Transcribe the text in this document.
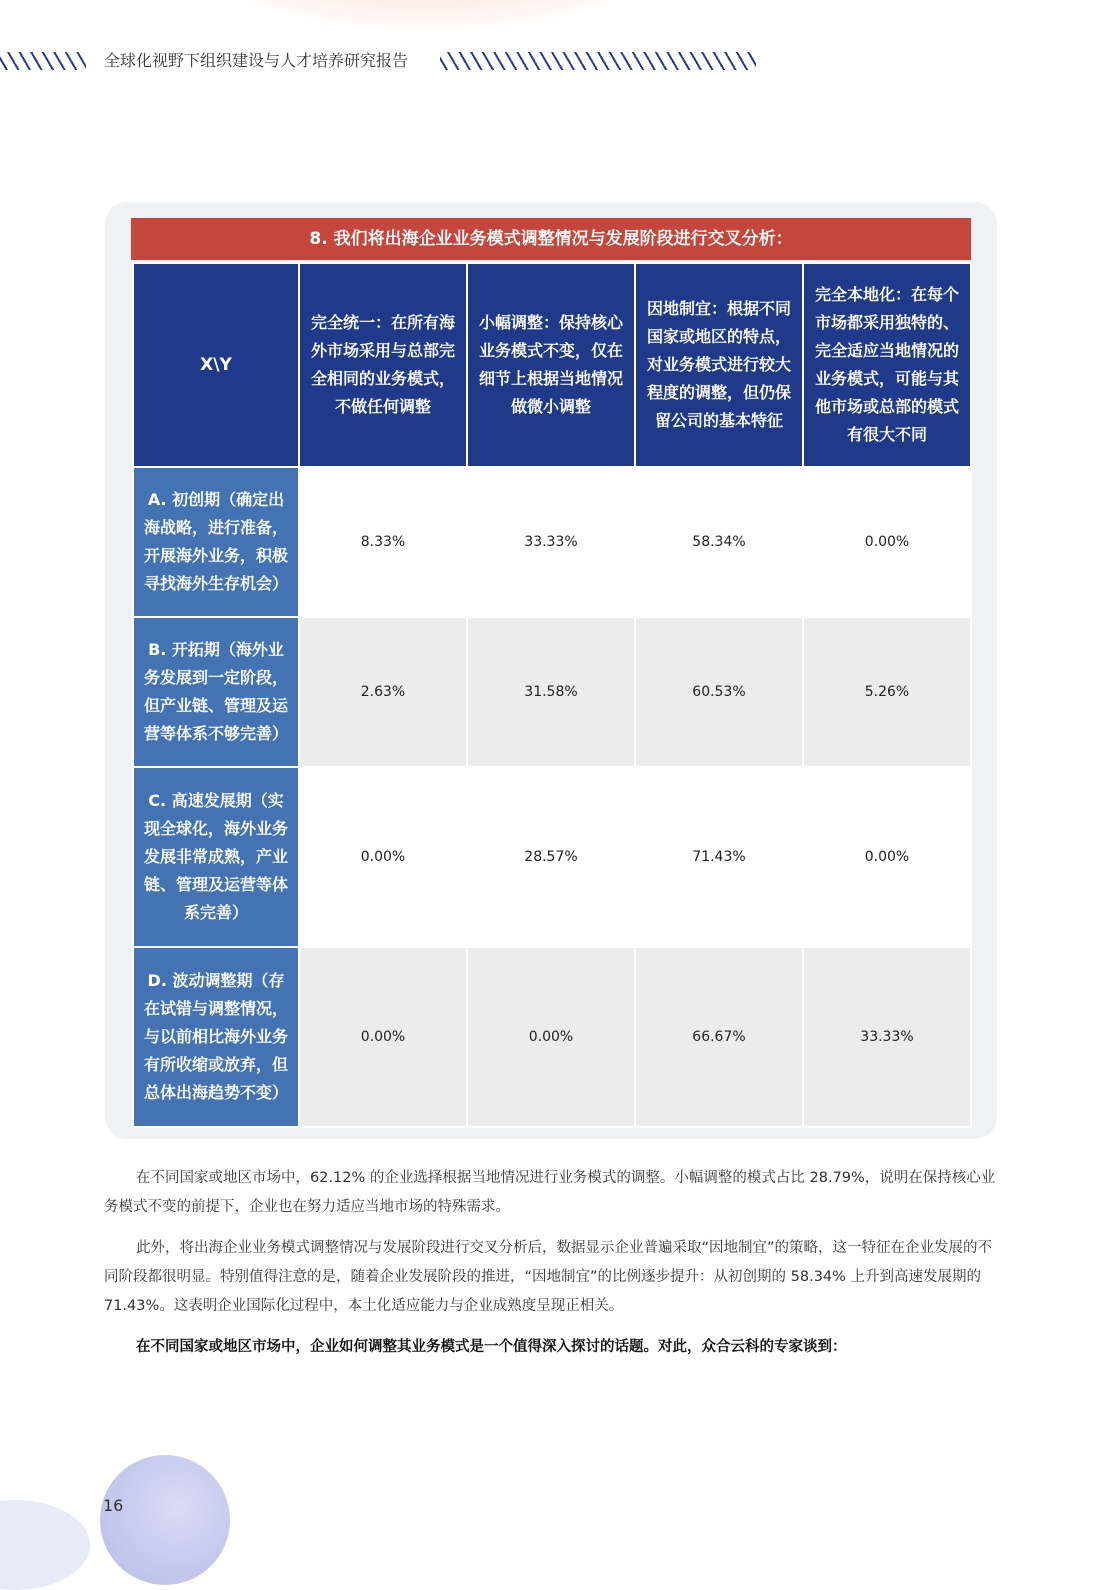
全球化视野下组织建设与人才培养研究报告
8. 我们将出海企业业务模式调整情况与发展阶段进行交叉分析：
X\Y	完全统一：在所有海外市场采用与总部完全相同的业务模式，不做任何调整	小幅调整：保持核心业务模式不变，仅在细节上根据当地情况做微小调整	因地制宜：根据不同国家或地区的特点，对业务模式进行较大程度的调整，但仍保留公司的基本特征	完全本地化：在每个市场都采用独特的、完全适应当地情况的业务模式，可能与其他市场或总部的模式有很大不同
A. 初创期（确定出海战略，进行准备，开展海外业务，积极寻找海外生存机会）	8.33%	33.33%	58.34%	0.00%
B. 开拓期（海外业务发展到一定阶段，但产业链、管理及运营等体系不够完善）	2.63%	31.58%	60.53%	5.26%
C. 高速发展期（实现全球化，海外业务发展非常成熟，产业链、管理及运营等体系完善）	0.00%	28.57%	71.43%	0.00%
D. 波动调整期（存在试错与调整情况，与以前相比海外业务有所收缩或放弃，但总体出海趋势不变）	0.00%	0.00%	66.67%	33.33%

在不同国家或地区市场中，62.12% 的企业选择根据当地情况进行业务模式的调整。小幅调整的模式占比 28.79%，说明在保持核心业务模式不变的前提下，企业也在努力适应当地市场的特殊需求。

此外，将出海企业业务模式调整情况与发展阶段进行交叉分析后，数据显示企业普遍采取“因地制宜”的策略，这一特征在企业发展的不同阶段都很明显。特别值得注意的是，随着企业发展阶段的推进，“因地制宜”的比例逐步提升：从初创期的 58.34% 上升到高速发展期的 71.43%。这表明企业国际化过程中，本土化适应能力与企业成熟度呈现正相关。

在不同国家或地区市场中，企业如何调整其业务模式是一个值得深入探讨的话题。对此，众合云科的专家谈到：

16
